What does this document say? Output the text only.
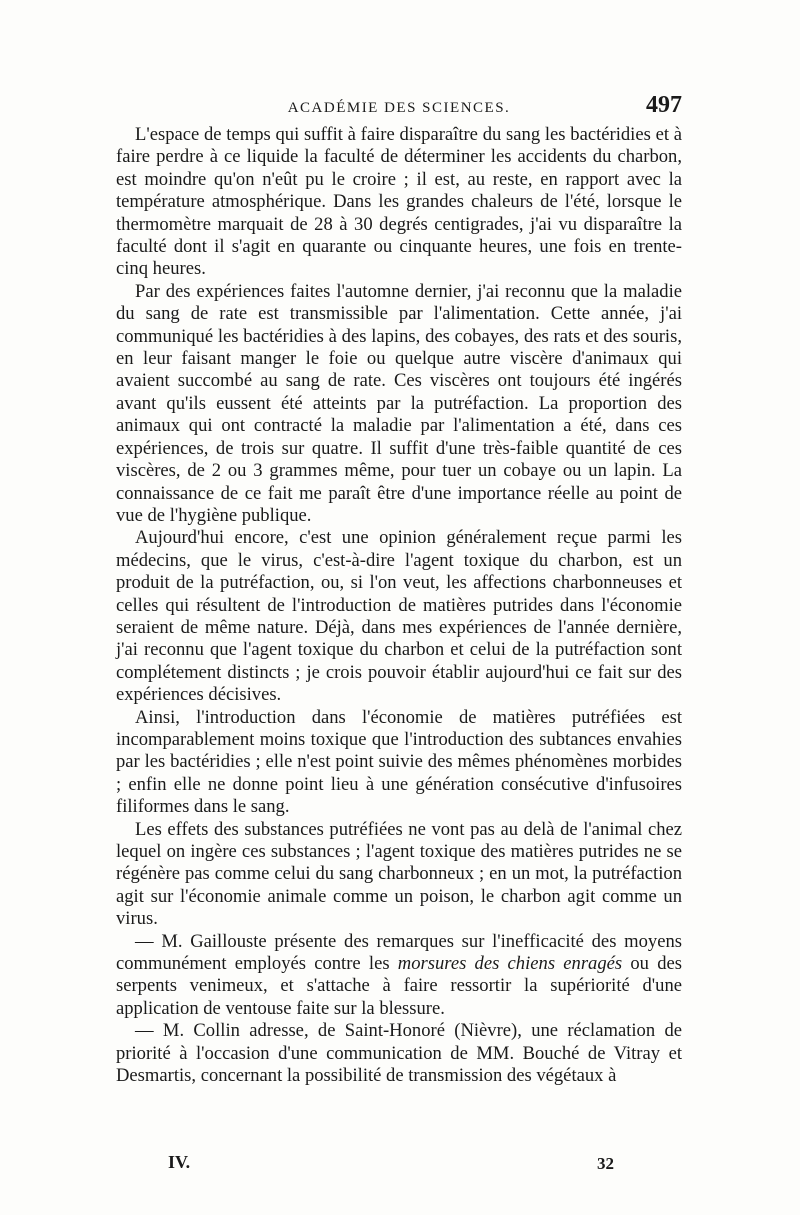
ACADÉMIE DES SCIENCES.	497

L'espace de temps qui suffit à faire disparaître du sang les bactéridies et à faire perdre à ce liquide la faculté de déterminer les accidents du charbon, est moindre qu'on n'eût pu le croire ; il est, au reste, en rapport avec la température atmosphérique. Dans les grandes chaleurs de l'été, lorsque le thermomètre marquait de 28 à 30 degrés centigrades, j'ai vu disparaître la faculté dont il s'agit en quarante ou cinquante heures, une fois en trente-cinq heures.

Par des expériences faites l'automne dernier, j'ai reconnu que la maladie du sang de rate est transmissible par l'alimentation. Cette année, j'ai communiqué les bactéridies à des lapins, des cobayes, des rats et des souris, en leur faisant manger le foie ou quelque autre viscère d'animaux qui avaient succombé au sang de rate. Ces viscères ont toujours été ingérés avant qu'ils eussent été atteints par la putréfaction. La proportion des animaux qui ont contracté la maladie par l'alimentation a été, dans ces expériences, de trois sur quatre. Il suffit d'une très-faible quantité de ces viscères, de 2 ou 3 grammes même, pour tuer un cobaye ou un lapin. La connaissance de ce fait me paraît être d'une importance réelle au point de vue de l'hygiène publique.

Aujourd'hui encore, c'est une opinion généralement reçue parmi les médecins, que le virus, c'est-à-dire l'agent toxique du charbon, est un produit de la putréfaction, ou, si l'on veut, les affections charbonneuses et celles qui résultent de l'introduction de matières putrides dans l'économie seraient de même nature. Déjà, dans mes expériences de l'année dernière, j'ai reconnu que l'agent toxique du charbon et celui de la putréfaction sont complétement distincts ; je crois pouvoir établir aujourd'hui ce fait sur des expériences décisives.

Ainsi, l'introduction dans l'économie de matières putréfiées est incomparablement moins toxique que l'introduction des subtances envahies par les bactéridies ; elle n'est point suivie des mêmes phénomènes morbides ; enfin elle ne donne point lieu à une génération consécutive d'infusoires filiformes dans le sang.

Les effets des substances putréfiées ne vont pas au delà de l'animal chez lequel on ingère ces substances ; l'agent toxique des matières putrides ne se régénère pas comme celui du sang charbonneux ; en un mot, la putréfaction agit sur l'économie animale comme un poison, le charbon agit comme un virus.

— M. Gaillouste présente des remarques sur l'inefficacité des moyens communément employés contre les morsures des chiens enragés ou des serpents venimeux, et s'attache à faire ressortir la supériorité d'une application de ventouse faite sur la blessure.

— M. Collin adresse, de Saint-Honoré (Nièvre), une réclamation de priorité à l'occasion d'une communication de MM. Bouché de Vitray et Desmartis, concernant la possibilité de transmission des végétaux à

IV.	32
